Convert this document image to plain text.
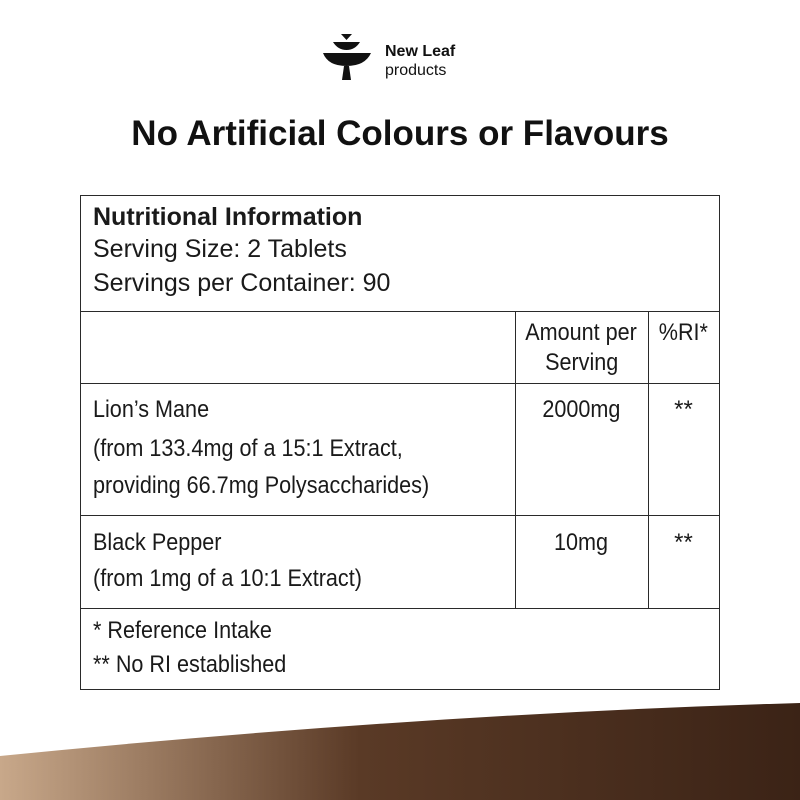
New Leaf
products
No Artificial Colours or Flavours
Nutritional Information
Serving Size: 2 Tablets
Servings per Container: 90
Amount per
Serving
%RI*
Lion’s Mane
(from 133.4mg of a 15:1 Extract,
providing 66.7mg Polysaccharides)
2000mg	**
Black Pepper
(from 1mg of a 10:1 Extract)
10mg	**
* Reference Intake
** No RI established
